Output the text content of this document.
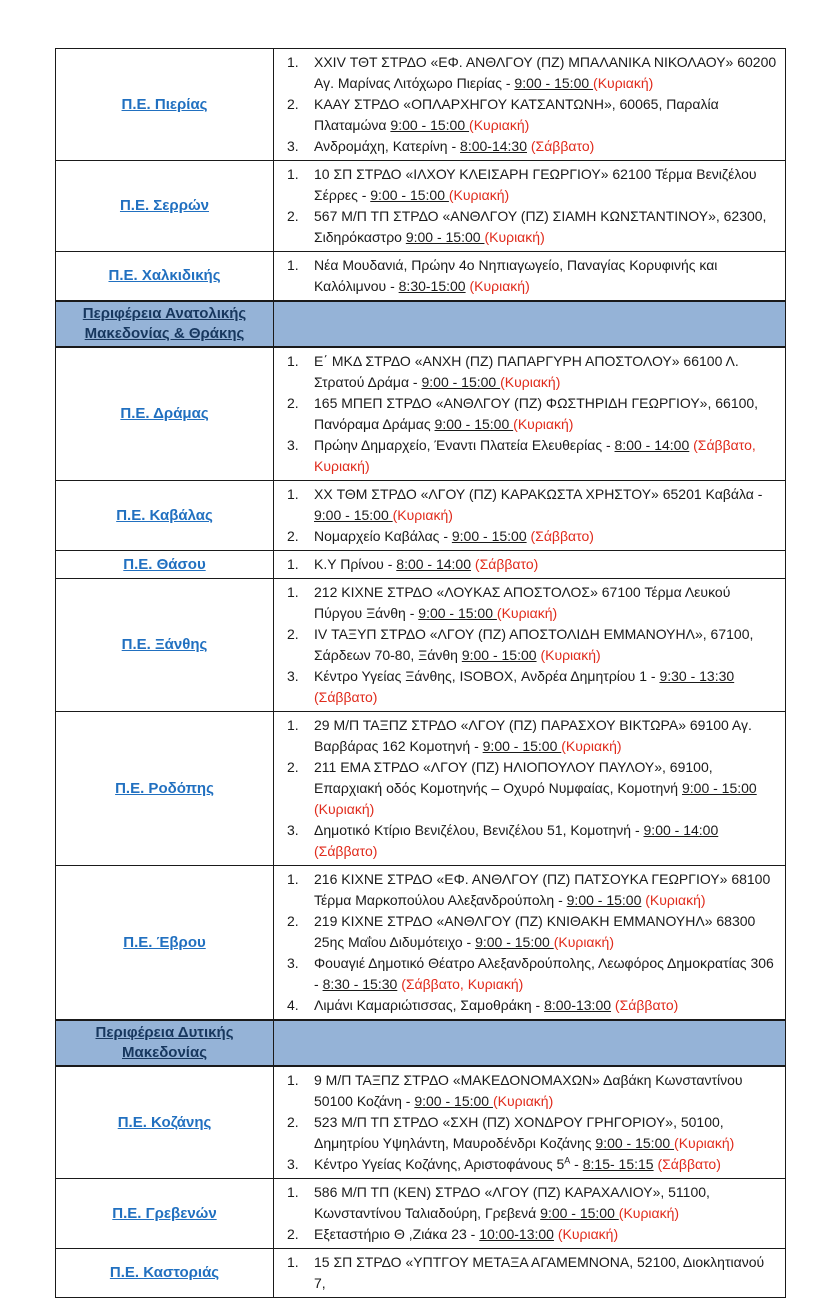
Π.Ε. Πιερίας	
XXIV ΤΘΤ ΣΤΡΔΟ «ΕΦ. ΑΝΘΛΓΟΥ (ΠΖ) ΜΠΑΛΑΝΙΚΑ ΝΙΚΟΛΑΟΥ» 60200 Αγ. Μαρίνας Λιτόχωρο Πιερίας - 9:00 - 15:00 (Κυριακή)
ΚΑΑΥ ΣΤΡΔΟ «ΟΠΛΑΡΧΗΓΟΥ ΚΑΤΣΑΝΤΩΝΗ», 60065, Παραλία Πλαταμώνα 9:00 - 15:00 (Κυριακή)
Ανδρομάχη, Κατερίνη - 8:00-14:30 (Σάββατο)

Π.Ε. Σερρών	
10 ΣΠ ΣΤΡΔΟ «ΙΛΧΟΥ ΚΛΕΙΣΑΡΗ ΓΕΩΡΓΙΟΥ» 62100 Τέρμα Βενιζέλου Σέρρες - 9:00 - 15:00 (Κυριακή)
567 Μ/Π ΤΠ ΣΤΡΔΟ «ΑΝΘΛΓΟΥ (ΠΖ) ΣΙΑΜΗ ΚΩΝΣΤΑΝΤΙΝΟΥ», 62300, Σιδηρόκαστρο 9:00 - 15:00 (Κυριακή)

Π.Ε. Χαλκιδικής	
Νέα Μουδανιά, Πρώην 4ο Νηπιαγωγείο, Παναγίας Κορυφινής και Καλόλιμνου - 8:30-15:00 (Κυριακή)

Περιφέρεια Ανατολικής Μακεδονίας & Θράκης	
Π.Ε. Δράμας	
Ε΄ ΜΚΔ ΣΤΡΔΟ «ΑΝΧΗ (ΠΖ) ΠΑΠΑΡΓΥΡΗ ΑΠΟΣΤΟΛΟΥ» 66100 Λ. Στρατού Δράμα - 9:00 - 15:00 (Κυριακή)
165 ΜΠΕΠ ΣΤΡΔΟ «ΑΝΘΛΓΟΥ (ΠΖ) ΦΩΣΤΗΡΙΔΗ ΓΕΩΡΓΙΟΥ», 66100, Πανόραμα Δράμας 9:00 - 15:00 (Κυριακή)
Πρώην Δημαρχείο, Έναντι Πλατεία Ελευθερίας - 8:00 - 14:00 (Σάββατο, Κυριακή)

Π.Ε. Καβάλας	
XX ΤΘΜ ΣΤΡΔΟ «ΛΓΟΥ (ΠΖ) ΚΑΡΑΚΩΣΤΑ ΧΡΗΣΤΟΥ» 65201 Καβάλα - 9:00 - 15:00 (Κυριακή)
Νομαρχείο Καβάλας - 9:00 - 15:00 (Σάββατο)

Π.Ε. Θάσου	Κ.Υ Πρίνου - 8:00 - 14:00 (Σάββατο)

Π.Ε. Ξάνθης	
212 ΚΙΧΝΕ ΣΤΡΔΟ «ΛΟΥΚΑΣ ΑΠΟΣΤΟΛΟΣ» 67100 Τέρμα Λευκού Πύργου Ξάνθη - 9:00 - 15:00 (Κυριακή)
IV ΤΑΞΥΠ ΣΤΡΔΟ «ΛΓΟΥ (ΠΖ) ΑΠΟΣΤΟΛΙΔΗ ΕΜΜΑΝΟΥΗΛ», 67100, Σάρδεων 70-80, Ξάνθη 9:00 - 15:00 (Κυριακή)
Κέντρο Υγείας Ξάνθης, ISOBOX, Ανδρέα Δημητρίου 1 - 9:30 - 13:30 (Σάββατο)

Π.Ε. Ροδόπης	
29 Μ/Π ΤΑΞΠΖ ΣΤΡΔΟ «ΛΓΟΥ (ΠΖ) ΠΑΡΑΣΧΟΥ ΒΙΚΤΩΡΑ» 69100 Αγ. Βαρβάρας 162 Κομοτηνή - 9:00 - 15:00 (Κυριακή)
211 ΕΜΑ ΣΤΡΔΟ «ΛΓΟΥ (ΠΖ) ΗΛΙΟΠΟΥΛΟΥ ΠΑΥΛΟΥ», 69100, Επαρχιακή οδός Κομοτηνής – Οχυρό Νυμφαίας, Κομοτηνή 9:00 - 15:00 (Κυριακή)
Δημοτικό Κτίριο Βενιζέλου, Βενιζέλου 51, Κομοτηνή - 9:00 - 14:00 (Σάββατο)

Π.Ε. Έβρου	
216 ΚΙΧΝΕ ΣΤΡΔΟ «ΕΦ. ΑΝΘΛΓΟΥ (ΠΖ) ΠΑΤΣΟΥΚΑ ΓΕΩΡΓΙΟΥ» 68100 Τέρμα Μαρκοπούλου Αλεξανδρούπολη - 9:00 - 15:00 (Κυριακή)
219 ΚΙΧΝΕ ΣΤΡΔΟ «ΑΝΘΛΓΟΥ (ΠΖ) ΚΝΙΘΑΚΗ ΕΜΜΑΝΟΥΗΛ» 68300 25ης Μαΐου Διδυμότειχο - 9:00 - 15:00 (Κυριακή)
Φουαγιέ Δημοτικό Θέατρο Αλεξανδρούπολης, Λεωφόρος Δημοκρατίας 306 - 8:30 - 15:30 (Σάββατο, Κυριακή)
Λιμάνι Καμαριώτισσας, Σαμοθράκη - 8:00-13:00 (Σάββατο)

Περιφέρεια Δυτικής Μακεδονίας	
Π.Ε. Κοζάνης	
9 Μ/Π ΤΑΞΠΖ ΣΤΡΔΟ «ΜΑΚΕΔΟΝΟΜΑΧΩΝ» Δαβάκη Κωνσταντίνου 50100 Κοζάνη - 9:00 - 15:00 (Κυριακή)
523 Μ/Π ΤΠ ΣΤΡΔΟ «ΣΧΗ (ΠΖ) ΧΟΝΔΡΟΥ ΓΡΗΓΟΡΙΟΥ», 50100, Δημητρίου Υψηλάντη, Μαυροδένδρι Κοζάνης 9:00 - 15:00 (Κυριακή)
Κέντρο Υγείας Κοζάνης, Αριστοφάνους $5^A$ - 8:15- 15:15 (Σάββατο)

Π.Ε. Γρεβενών	
586 Μ/Π ΤΠ (ΚΕΝ) ΣΤΡΔΟ «ΛΓΟΥ (ΠΖ) ΚΑΡΑΧΑΛΙΟΥ», 51100, Κωνσταντίνου Ταλιαδούρη, Γρεβενά 9:00 - 15:00 (Κυριακή)
Εξεταστήριο Θ ,Ζιάκα 23 - 10:00-13:00 (Κυριακή)

Π.Ε. Καστοριάς	
15 ΣΠ ΣΤΡΔΟ «ΥΠΤΓΟΥ ΜΕΤΑΞΑ ΑΓΑΜΕΜΝΟΝΑ, 52100, Διοκλητιανού 7,
